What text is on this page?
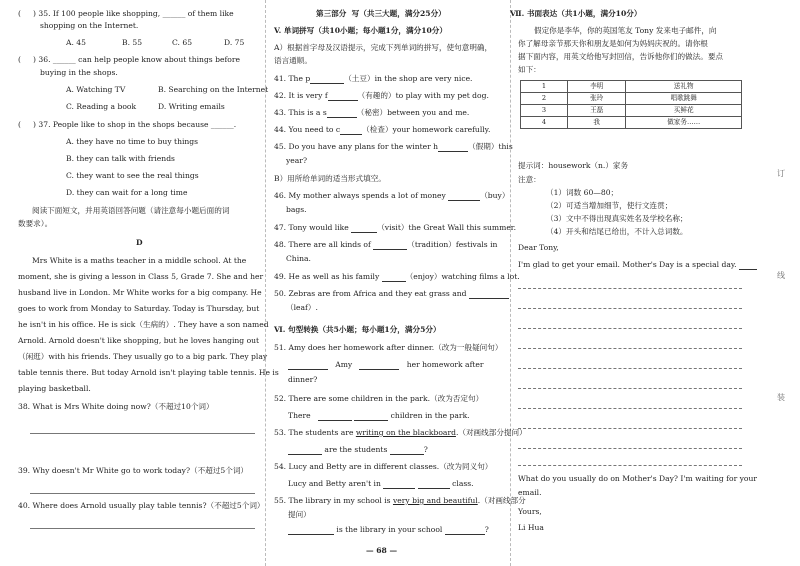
(     ) 35. If 100 people like shopping, ______ of them like
shopping on the Internet.
A. 45	B. 55	C. 65	D. 75
(     ) 36. ______ can help people know about things before
buying in the shops.
A. Watching TV	B. Searching on the Internet
C. Reading a book	D. Writing emails
(     ) 37. People like to shop in the shops because ______.
A. they have no time to buy things
B. they can talk with friends
C. they want to see the real things
D. they can wait for a long time
阅读下面短文，并用英语回答问题（请注意每小题后面的词
数要求）。
D
Mrs White is a maths teacher in a middle school. At the
moment, she is giving a lesson in Class 5, Grade 7. She and her
husband live in London. Mr White works for a big company. He
goes to work from Monday to Saturday. Today is Thursday, but
he isn't in his office. He is sick（生病的）. They have a son named
Arnold. Arnold doesn't like shopping, but he loves hanging out
（闲逛）with his friends. They usually go to a big park. They play
table tennis there. But today Arnold isn't playing table tennis. He is
playing basketball.
38. What is Mrs White doing now?（不超过10个词）
39. Why doesn't Mr White go to work today?（不超过5个词）
40. Where does Arnold usually play table tennis?（不超过5个词）
第三部分  写（共三大题，满分25分）
V. 单词拼写（共10小题；每小题1分，满分10分）
A）根据首字母及汉语提示，完成下列单词的拼写，使句意明确，
语言通顺。
41. The p	（土豆）in the shop are very nice.
42. It is very f	（有趣的）to play with my pet dog.
43. This is a s	（秘密）between you and me.
44. You need to c	（检查）your homework carefully.
45. Do you have any plans for the winter h	（假期）this
year?
B）用所给单词的适当形式填空。
46. My mother always spends a lot of money	（buy）
bags.
47. Tony would like	（visit）the Great Wall this summer.
48. There are all kinds of	（tradition）festivals in
China.
49. He as well as his family	（enjoy）watching films a lot.
50. Zebras are from Africa and they eat grass and
（leaf）.
Ⅵ. 句型转换（共5小题；每小题1分，满分5分）
51. Amy does her homework after dinner.（改为一般疑问句）
Amy	her homework after
dinner?
52. There are some children in the park.（改为否定句）
There	children in the park.
53. The students are writing on the blackboard.（对画线部分提问）
are the students	?
54. Lucy and Betty are in different classes.（改为同义句）
Lucy and Betty aren't in	class.
55. The library in my school is very big and beautiful.（对画线部分
提问）
is the library in your school	?
— 68 —
Ⅶ. 书面表达（共1小题，满分10分）
假定你是李华，你的英国笔友 Tony 发来电子邮件，向
你了解母亲节那天你和朋友是如何为妈妈庆祝的。请你根
据下面内容，用英文给他写封回信，告诉他你们的做法。要点
如下：
1	李明	送礼物
2	张玲	唱歌跳舞
3	王磊	买鲜花
4	我	做家务……
提示词：housework（n.）家务
注意：
（1）词数 60—80；
（2）可适当增加细节，使行文连贯；
（3）文中不得出现真实姓名及学校名称；
（4）开头和结尾已给出，不计入总词数。
Dear Tony,
I'm glad to get your email. Mother's Day is a special day.
What do you usually do on Mother's Day? I'm waiting for your
email.
Yours,
Li Hua
订
线
装
